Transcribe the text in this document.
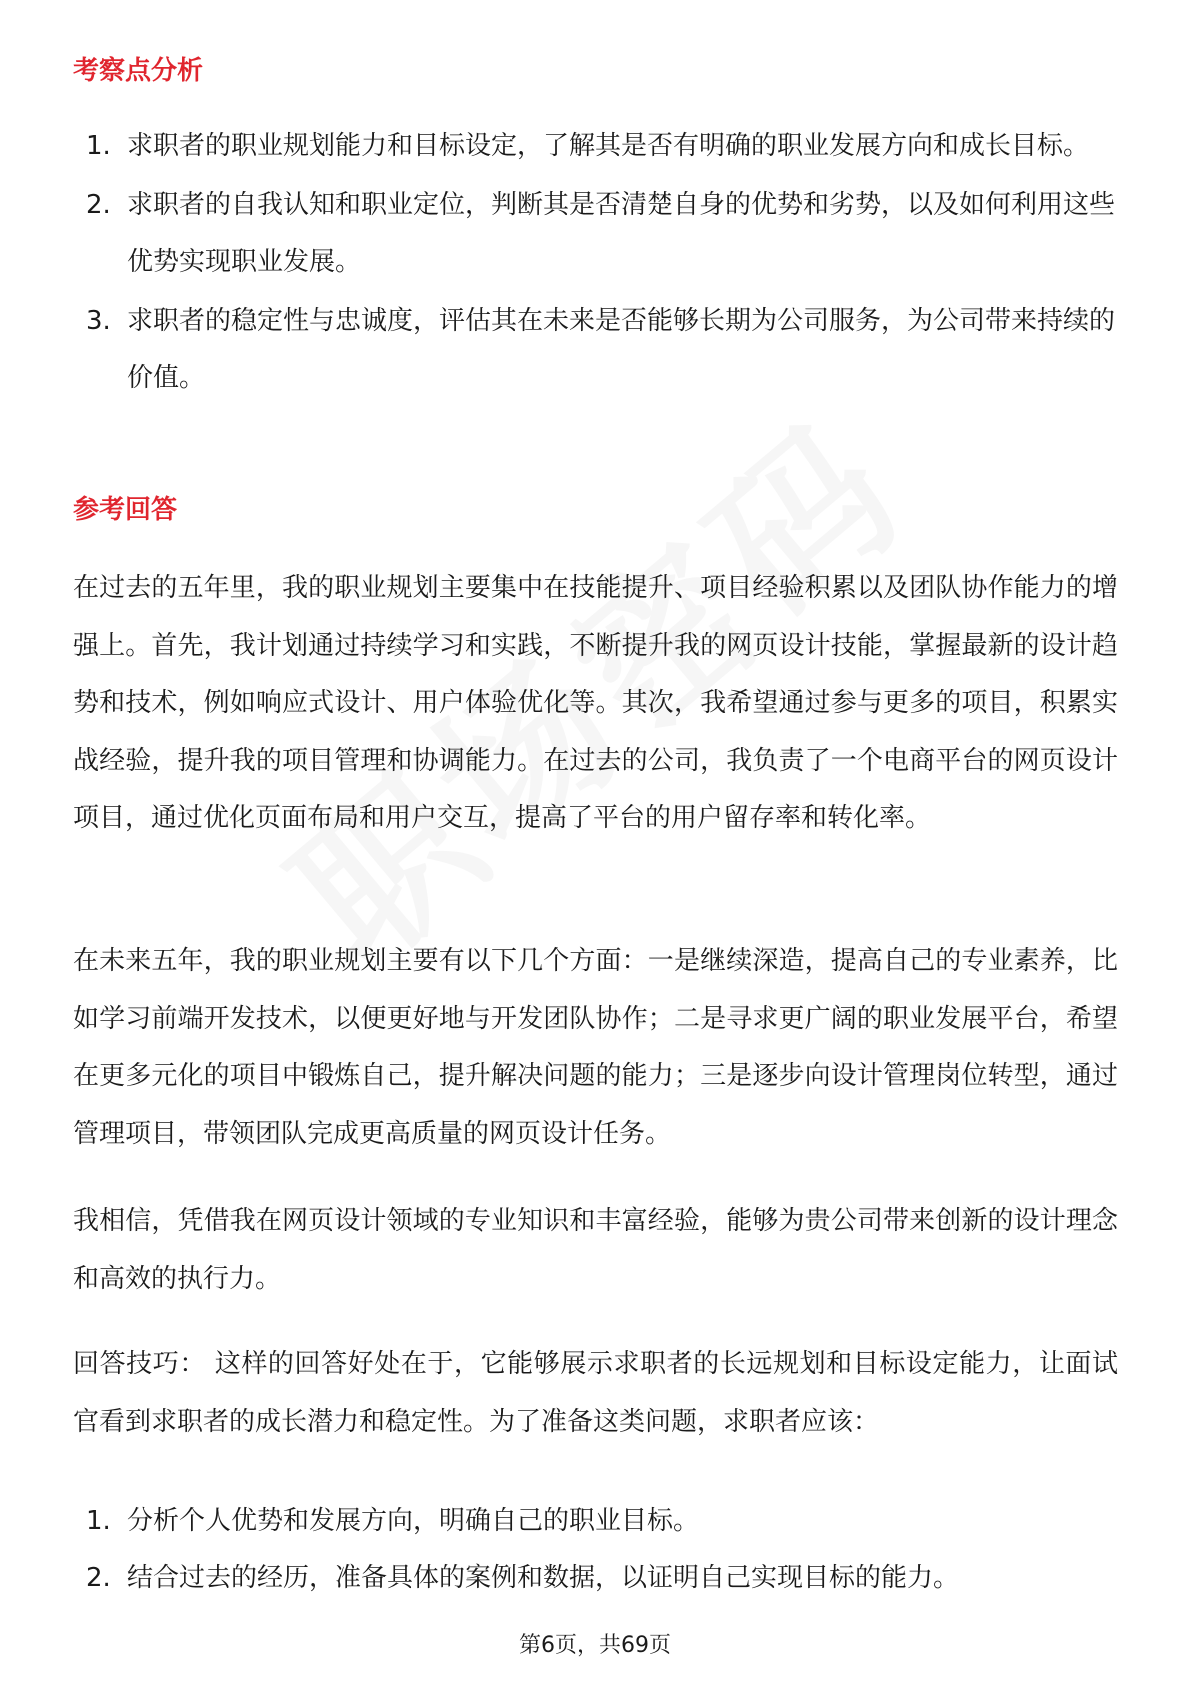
考察点分析
1. 求职者的职业规划能力和目标设定，了解其是否有明确的职业发展方向和成长目标。
2. 求职者的自我认知和职业定位，判断其是否清楚自身的优势和劣势，以及如何利用这些优势实现职业发展。
3. 求职者的稳定性与忠诚度，评估其在未来是否能够长期为公司服务，为公司带来持续的价值。
参考回答

在过去的五年里，我的职业规划主要集中在技能提升、项目经验积累以及团队协作能力的增强上。首先，我计划通过持续学习和实践，不断提升我的网页设计技能，掌握最新的设计趋势和技术，例如响应式设计、用户体验优化等。其次，我希望通过参与更多的项目，积累实战经验，提升我的项目管理和协调能力。在过去的公司，我负责了一个电商平台的网页设计项目，通过优化页面布局和用户交互，提高了平台的用户留存率和转化率。

在未来五年，我的职业规划主要有以下几个方面：一是继续深造，提高自己的专业素养，比如学习前端开发技术，以便更好地与开发团队协作；二是寻求更广阔的职业发展平台，希望在更多元化的项目中锻炼自己，提升解决问题的能力；三是逐步向设计管理岗位转型，通过管理项目，带领团队完成更高质量的网页设计任务。

我相信，凭借我在网页设计领域的专业知识和丰富经验，能够为贵公司带来创新的设计理念和高效的执行力。

回答技巧： 这样的回答好处在于，它能够展示求职者的长远规划和目标设定能力，让面试官看到求职者的成长潜力和稳定性。为了准备这类问题，求职者应该：

1. 分析个人优势和发展方向，明确自己的职业目标。
2. 结合过去的经历，准备具体的案例和数据，以证明自己实现目标的能力。
第6页，共69页
